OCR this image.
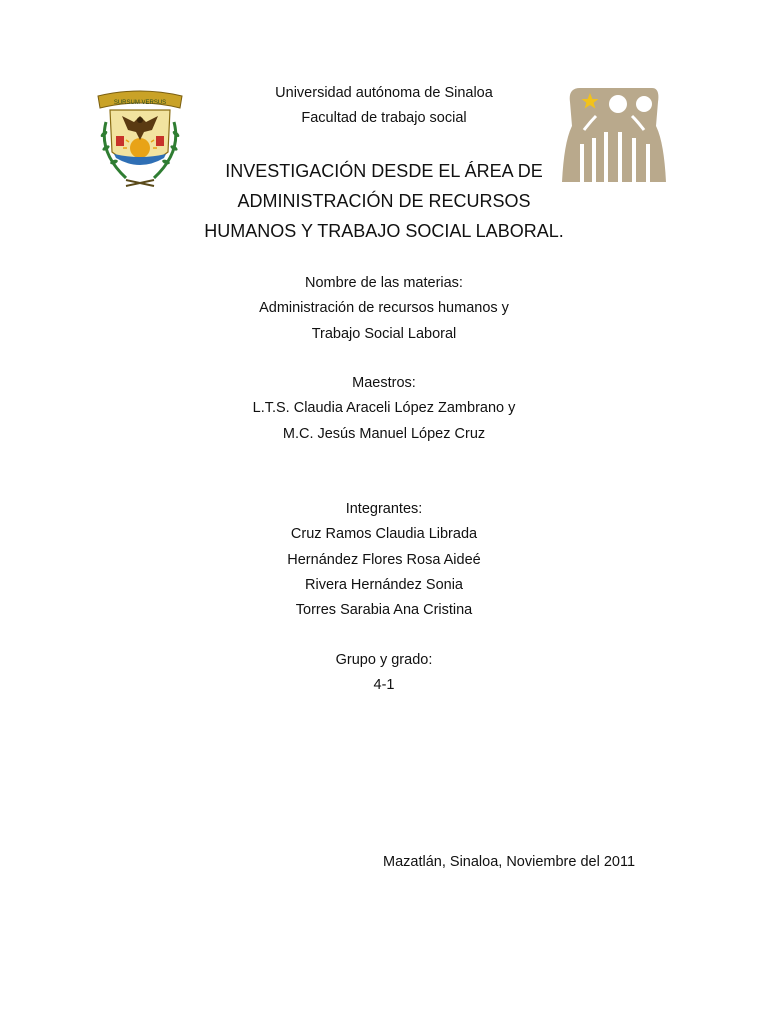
SURSUM VERSUS
Universidad autónoma de Sinaloa
Facultad de trabajo social
INVESTIGACIÓN DESDE EL ÁREA DE
ADMINISTRACIÓN DE RECURSOS
HUMANOS Y TRABAJO SOCIAL LABORAL.
Nombre de las materias:
Administración de recursos humanos y
Trabajo Social Laboral
Maestros:
L.T.S. Claudia Araceli López Zambrano y
M.C. Jesús Manuel López Cruz
Integrantes:
Cruz Ramos Claudia Librada
Hernández Flores Rosa Aideé
Rivera Hernández Sonia
Torres Sarabia Ana Cristina
Grupo y grado:
4-1
Mazatlán, Sinaloa, Noviembre del 2011
